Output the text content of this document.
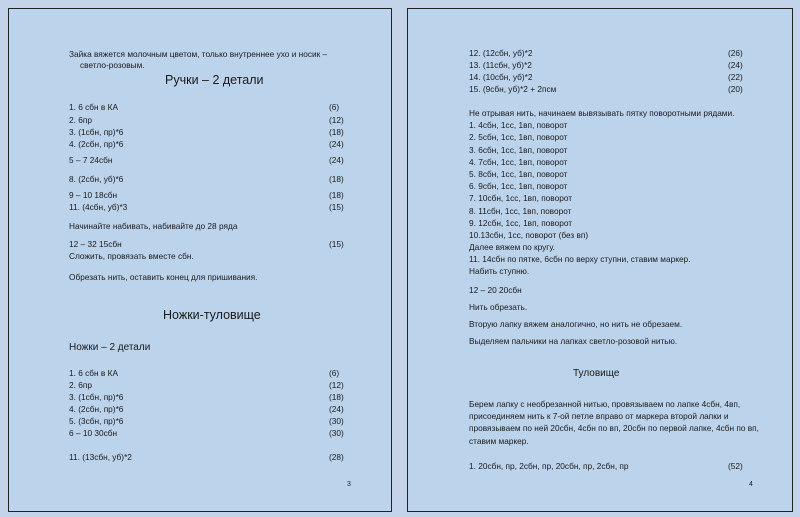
Зайка вяжется молочным цветом, только внутреннее ухо и носик –
светло-розовым.
Ручки – 2 детали
1. 6 сбн в КА	(6)
2. 6пр	(12)
3. (1сбн, пр)*6	(18)
4. (2сбн, пр)*6	(24)
5 – 7 24сбн	(24)
8. (2сбн, уб)*6	(18)
9 – 10 18сбн	(18)
11. (4сбн, уб)*3	(15)
Начинайте набивать, набивайте до 28 ряда
12 – 32 15сбн	(15)
Сложить, провязать вместе сбн.
Обрезать нить, оставить конец для пришивания.
Ножки-туловище
Ножки – 2 детали
1. 6 сбн в КА	(6)
2. 6пр	(12)
3. (1сбн, пр)*6	(18)
4. (2сбн, пр)*6	(24)
5. (3сбн, пр)*6	(30)
6 – 10 30сбн	(30)
11. (13сбн, уб)*2	(28)
3
12. (12сбн, уб)*2	(26)
13. (11сбн, уб)*2	(24)
14. (10сбн, уб)*2	(22)
15. (9сбн, уб)*2 + 2псм	(20)
Не отрывая нить, начинаем вывязывать пятку поворотными рядами.
1. 4сбн, 1сс, 1вп, поворот
2. 5сбн, 1сс, 1вп, поворот
3. 6сбн, 1сс, 1вп, поворот
4. 7сбн, 1сс, 1вп, поворот
5. 8сбн, 1сс, 1вп, поворот
6. 9сбн, 1сс, 1вп, поворот
7. 10сбн, 1сс, 1вп, поворот
8. 11сбн, 1сс, 1вп, поворот
9. 12сбн, 1сс, 1вп, поворот
10.13сбн, 1сс, поворот (без вп)
Далее вяжем по кругу.
11. 14сбн по пятке, 6сбн по верху ступни, ставим маркер.
Набить ступню.
12 – 20 20сбн
Нить обрезать.
Вторую лапку вяжем аналогично, но нить не обрезаем.
Выделяем пальчики на лапках светло-розовой нитью.
Туловище
Берем лапку с необрезанной нитью, провязываем по лапке 4сбн, 4вп, присоединяем нить к 7-ой петле вправо от маркера второй лапки и провязываем по ней 20сбн, 4сбн по вп, 20сбн по первой лапке, 4сбн по вп, ставим маркер.
1. 20сбн, пр, 2сбн, пр, 20сбн, пр, 2сбн, пр	(52)
4
